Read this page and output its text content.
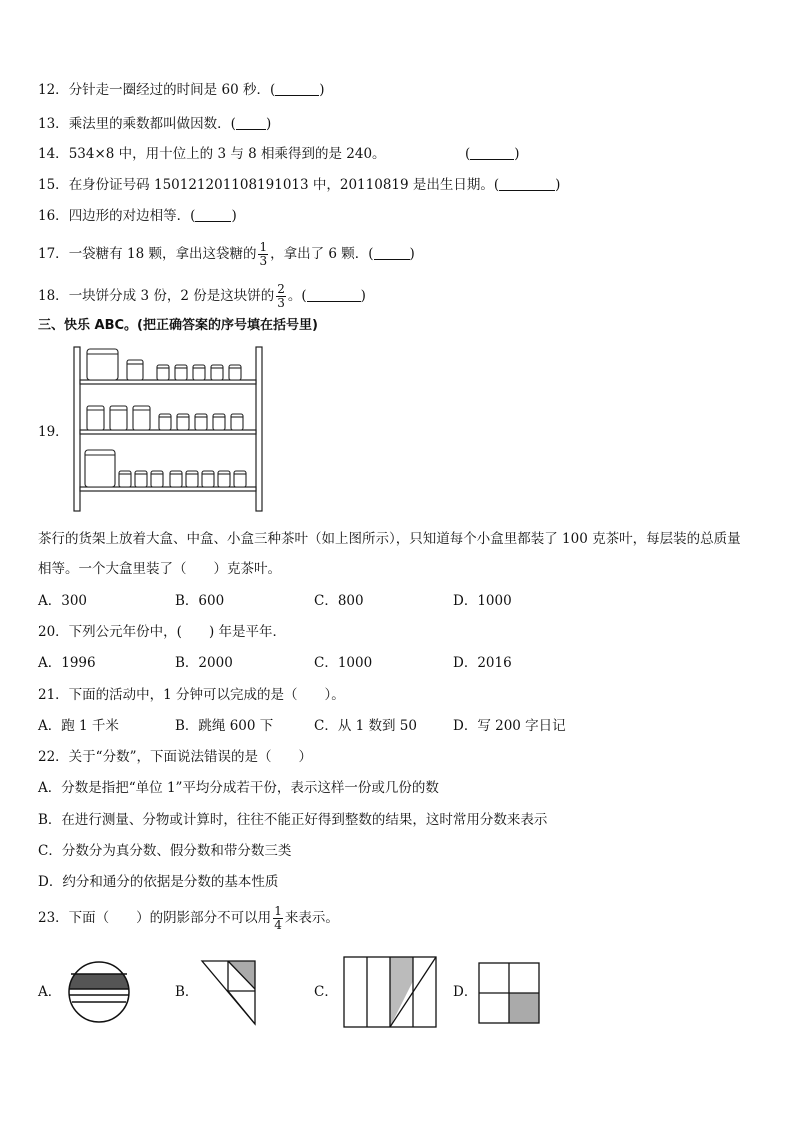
12．分针走一圈经过的时间是 60 秒．(	)
13．乘法里的乘数都叫做因数．( )
14．534×8 中，用十位上的 3 与 8 相乘得到的是 240。	(	)
15．在身份证号码 150121201108191013 中，20110819 是出生日期。(	)
16．四边形的对边相等．(	)
17．一袋糖有 18 颗，拿出这袋糖的 $\frac{1}{3}$ ，拿出了 6 颗．(	)
18．一块饼分成 3 份，2 份是这块饼的 $\frac{2}{3}$ 。(	)
三、快乐 ABC。(把正确答案的序号填在括号里)
19．
茶行的货架上放着大盒、中盒、小盒三种茶叶（如上图所示），只知道每个小盒里都装了 100 克茶叶，每层装的总质量
相等。一个大盒里装了（　　）克茶叶。
A．300	B．600	C．800	D．1000
20．下列公元年份中，(　　) 年是平年．
A．1996	B．2000	C．1000	D．2016
21．下面的活动中，1 分钟可以完成的是（　　）。
A．跑 1 千米	B．跳绳 600 下	C．从 1 数到 50	D．写 200 字日记
22．关于“分数”，下面说法错误的是（　　）
A．分数是指把“单位 1”平均分成若干份，表示这样一份或几份的数
B．在进行测量、分物或计算时，往往不能正好得到整数的结果，这时常用分数来表示
C．分数分为真分数、假分数和带分数三类
D．约分和通分的依据是分数的基本性质
23．下面（　　）的阴影部分不可以用 $\frac{1}{4}$ 来表示。
A．	B．	C．	D．
